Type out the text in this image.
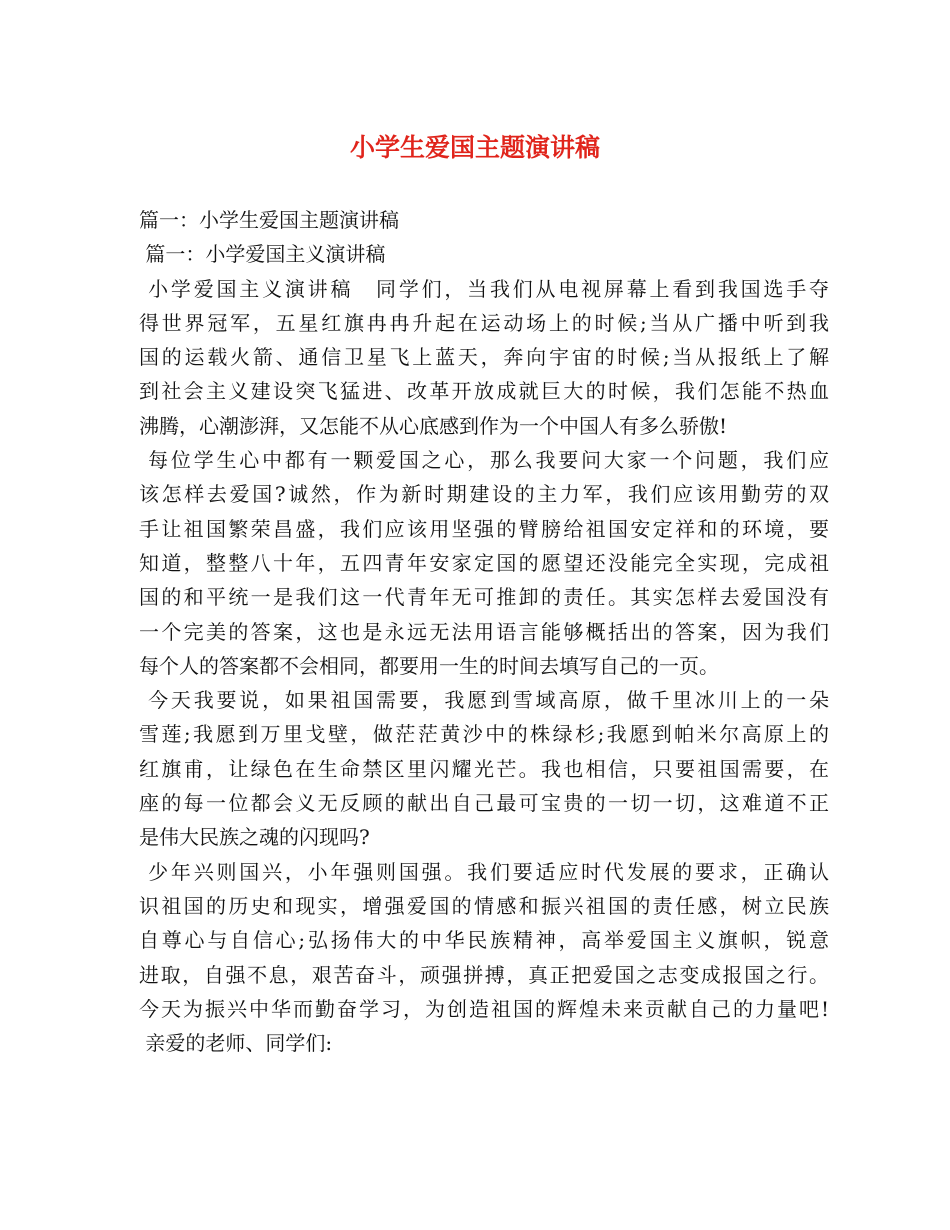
小学生爱国主题演讲稿
篇一：小学生爱国主题演讲稿
篇一：小学爱国主义演讲稿
小学爱国主义演讲稿　同学们，当我们从电视屏幕上看到我国选手夺
得世界冠军，五星红旗冉冉升起在运动场上的时候;当从广播中听到我
国的运载火箭、通信卫星飞上蓝天，奔向宇宙的时候;当从报纸上了解
到社会主义建设突飞猛进、改革开放成就巨大的时候，我们怎能不热血
沸腾，心潮澎湃，又怎能不从心底感到作为一个中国人有多么骄傲!
每位学生心中都有一颗爱国之心，那么我要问大家一个问题，我们应
该怎样去爱国?诚然，作为新时期建设的主力军，我们应该用勤劳的双
手让祖国繁荣昌盛，我们应该用坚强的臂膀给祖国安定祥和的环境，要
知道，整整八十年，五四青年安家定国的愿望还没能完全实现，完成祖
国的和平统一是我们这一代青年无可推卸的责任。其实怎样去爱国没有
一个完美的答案，这也是永远无法用语言能够概括出的答案，因为我们
每个人的答案都不会相同，都要用一生的时间去填写自己的一页。
今天我要说，如果祖国需要，我愿到雪域高原，做千里冰川上的一朵
雪莲;我愿到万里戈壁，做茫茫黄沙中的株绿杉;我愿到帕米尔高原上的
红旗甫，让绿色在生命禁区里闪耀光芒。我也相信，只要祖国需要，在
座的每一位都会义无反顾的献出自己最可宝贵的一切一切，这难道不正
是伟大民族之魂的闪现吗?
少年兴则国兴，小年强则国强。我们要适应时代发展的要求，正确认
识祖国的历史和现实，增强爱国的情感和振兴祖国的责任感，树立民族
自尊心与自信心;弘扬伟大的中华民族精神，高举爱国主义旗帜，锐意
进取，自强不息，艰苦奋斗，顽强拼搏，真正把爱国之志变成报国之行。
今天为振兴中华而勤奋学习，为创造祖国的辉煌未来贡献自己的力量吧!
亲爱的老师、同学们:
